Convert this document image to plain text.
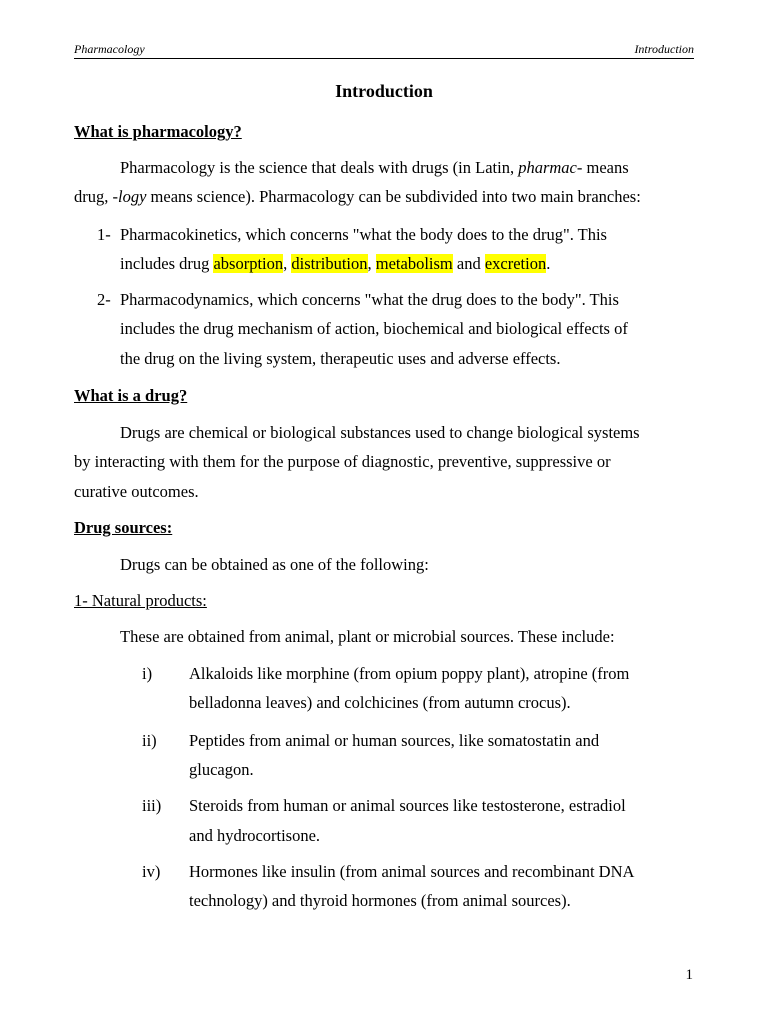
Pharmacology	Introduction
Introduction
What is pharmacology?
Pharmacology is the science that deals with drugs (in Latin, pharmac- means
drug, -logy means science). Pharmacology can be subdivided into two main branches:
1- Pharmacokinetics, which concerns "what the body does to the drug". This
includes drug absorption, distribution, metabolism and excretion.
2- Pharmacodynamics, which concerns "what the drug does to the body". This
includes the drug mechanism of action, biochemical and biological effects of
the drug on the living system, therapeutic uses and adverse effects.
What is a drug?
Drugs are chemical or biological substances used to change biological systems
by interacting with them for the purpose of diagnostic, preventive, suppressive or
curative outcomes.
Drug sources:
Drugs can be obtained as one of the following:
1- Natural products:
These are obtained from animal, plant or microbial sources. These include:
i) Alkaloids like morphine (from opium poppy plant), atropine (from
belladonna leaves) and colchicines (from autumn crocus).
ii) Peptides from animal or human sources, like somatostatin and
glucagon.
iii) Steroids from human or animal sources like testosterone, estradiol
and hydrocortisone.
iv) Hormones like insulin (from animal sources and recombinant DNA
technology) and thyroid hormones (from animal sources).
1
